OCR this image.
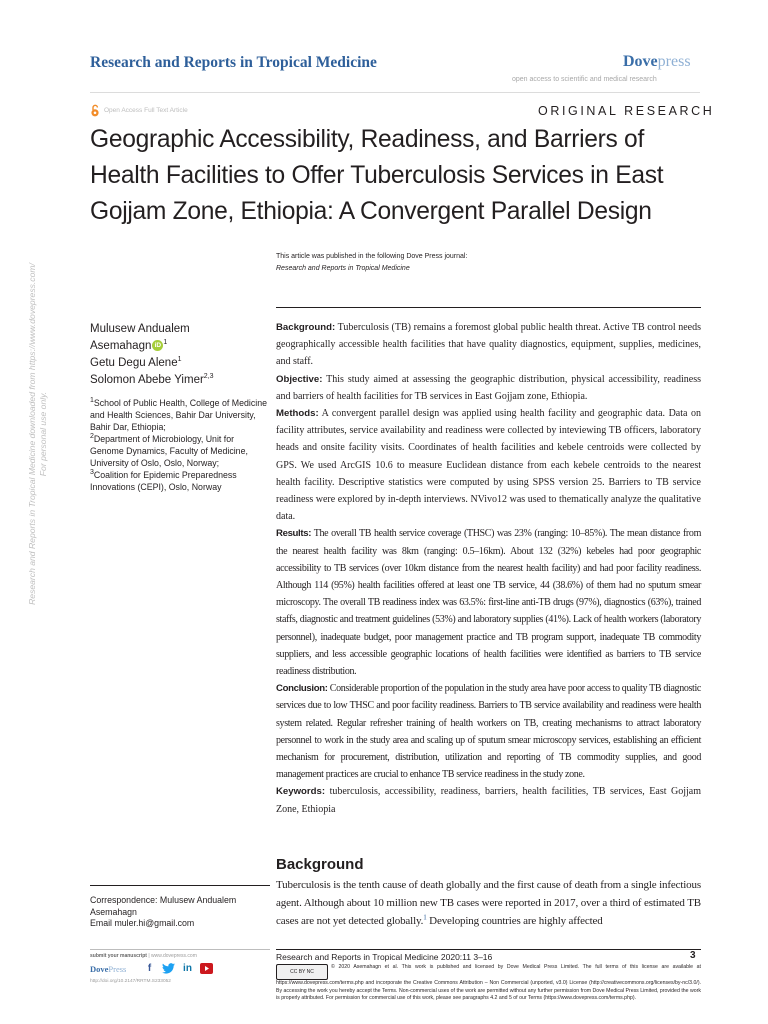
Research and Reports in Tropical Medicine	Dovepress
open access to scientific and medical research
Open Access Full Text Article	ORIGINAL RESEARCH
Geographic Accessibility, Readiness, and Barriers of
Health Facilities to Offer Tuberculosis Services in East
Gojjam Zone, Ethiopia: A Convergent Parallel Design
This article was published in the following Dove Press journal:
Research and Reports in Tropical Medicine
Mulusew Andualem
Asemahagn iD $^1$
Getu Degu Alene$^1$
Solomon Abebe Yimer$^{2,3}$
$^1$School of Public Health, College of Medicine and Health Sciences, Bahir Dar University, Bahir Dar, Ethiopia;
$^2$Department of Microbiology, Unit for Genome Dynamics, Faculty of Medicine, University of Oslo, Oslo, Norway;
$^3$Coalition for Epidemic Preparedness Innovations (CEPI), Oslo, Norway

Background: Tuberculosis (TB) remains a foremost global public health threat. Active TB control needs geographically accessible health facilities that have quality diagnostics, equipment, supplies, medicines, and staff.

Objective: This study aimed at assessing the geographic distribution, physical accessibility, readiness and barriers of health facilities for TB services in East Gojjam zone, Ethiopia.

Methods: A convergent parallel design was applied using health facility and geographic data. Data on facility attributes, service availability and readiness were collected by inteviewing TB officers, laboratory heads and onsite facility visits. Coordinates of health facilities and kebele centroids were collected by GPS. We used ArcGIS 10.6 to measure Euclidean distance from each kebele centroids to the nearest health facility. Descriptive statistics were computed by using SPSS version 25. Barriers to TB service readiness were explored by in-depth interviews. NVivo12 was used to thematically analyze the qualitative data.

Results: The overall TB health service coverage (THSC) was 23% (ranging: 10–85%). The mean distance from the nearest health facility was 8km (ranging: 0.5–16km). About 132 (32%) kebeles had poor geographic accessibility to TB services (over 10km distance from the nearest health facility) and had poor facility readiness. Although 114 (95%) health facilities offered at least one TB service, 44 (38.6%) of them had no sputum smear microscopy. The overall TB readiness index was 63.5%: first-line anti-TB drugs (97%), diagnostics (63%), trained staffs, diagnostic and treatment guidelines (53%) and laboratory supplies (41%). Lack of health workers (laboratory personnel), inadequate budget, poor management practice and TB program support, inadequate TB commodity suppliers, and less accessible geographic locations of health facilities were identified as barriers to TB service readiness distribution.

Conclusion: Considerable proportion of the population in the study area have poor access to quality TB diagnostic services due to low THSC and poor facility readiness. Barriers to TB service availability and readiness were health system related. Regular refresher training of health workers on TB, creating mechanisms to attract laboratory personnel to work in the study area and scaling up of sputum smear microscopy services, establishing an efficient mechanism for procurement, distribution, utilization and reporting of TB commodity supplies, and good management practices are crucial to enhance TB service readiness in the study zone.

Keywords: tuberculosis, accessibility, readiness, barriers, health facilities, TB services, East Gojjam Zone, Ethiopia

Research and Reports in Tropical Medicine downloaded from https://www.dovepress.com/ For personal use only.
Background

Tuberculosis is the tenth cause of death globally and the first cause of death from a single infectious agent. Although about 10 million new TB cases were reported in 2017, over a third of estimated TB cases are not yet detected globally.$^1$ Developing countries are highly affected

Correspondence: Mulusew Andualem
Asemahagn
Email muler.hi@gmail.com
submit your manuscript | www.dovepress.com
DovePress	f	in
http://doi.org/10.2147/RRTM.S233052
Research and Reports in Tropical Medicine 2020:11 3–16	3
CC BY NC© 2020 Asemahagn et al. This work is published and licensed by Dove Medical Press Limited. The full terms of this license are available at https://www.dovepress.com/terms.php and incorporate the Creative Commons Attribution – Non Commercial (unported, v3.0) License (http://creativecommons.org/licenses/by-nc/3.0/). By accessing the work you hereby accept the Terms. Non-commercial uses of the work are permitted without any further permission from Dove Medical Press Limited, provided the work is properly attributed. For permission for commercial use of this work, please see paragraphs 4.2 and 5 of our Terms (https://www.dovepress.com/terms.php).
